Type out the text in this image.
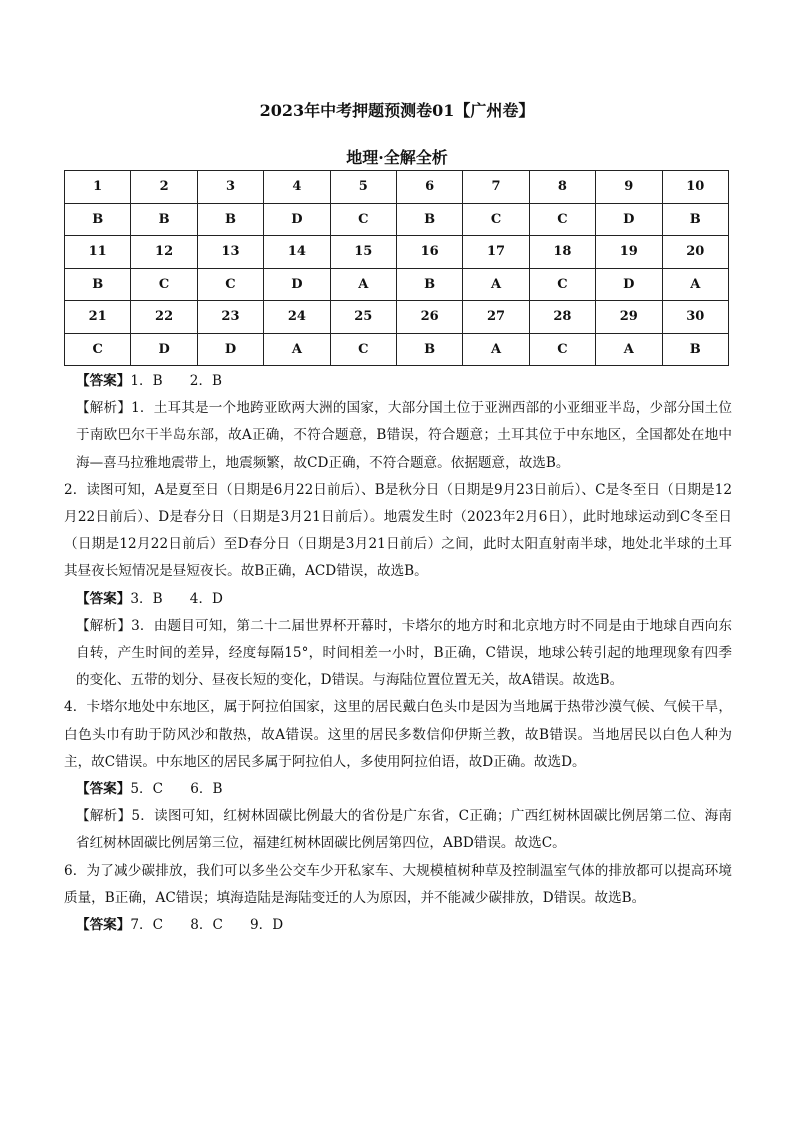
2023年中考押题预测卷01【广州卷】
地理·全解全析
1	2	3	4	5	6	7	8	9	10
B	B	B	D	C	B	C	C	D	B
11	12	13	14	15	16	17	18	19	20
B	C	C	D	A	B	A	C	D	A
21	22	23	24	25	26	27	28	29	30
C	D	D	A	C	B	A	C	A	B

【答案】1．B　　2．B

【解析】1．土耳其是一个地跨亚欧两大洲的国家，大部分国土位于亚洲西部的小亚细亚半岛，少部分国土位于南欧巴尔干半岛东部，故A正确，不符合题意，B错误，符合题意；土耳其位于中东地区，全国都处在地中海—喜马拉雅地震带上，地震频繁，故CD正确，不符合题意。依据题意，故选B。

2．读图可知，A是夏至日（日期是6月22日前后）、B是秋分日（日期是9月23日前后）、C是冬至日（日期是12月22日前后）、D是春分日（日期是3月21日前后）。地震发生时（2023年2月6日），此时地球运动到C冬至日（日期是12月22日前后）至D春分日（日期是3月21日前后）之间，此时太阳直射南半球，地处北半球的土耳其昼夜长短情况是昼短夜长。故B正确，ACD错误，故选B。

【答案】3．B　　4．D

【解析】3．由题目可知，第二十二届世界杯开幕时，卡塔尔的地方时和北京地方时不同是由于地球自西向东自转，产生时间的差异，经度每隔15°，时间相差一小时，B正确，C错误，地球公转引起的地理现象有四季的变化、五带的划分、昼夜长短的变化，D错误。与海陆位置位置无关，故A错误。故选B。

4．卡塔尔地处中东地区，属于阿拉伯国家，这里的居民戴白色头巾是因为当地属于热带沙漠气候、气候干旱，白色头巾有助于防风沙和散热，故A错误。这里的居民多数信仰伊斯兰教，故B错误。当地居民以白色人种为主，故C错误。中东地区的居民多属于阿拉伯人，多使用阿拉伯语，故D正确。故选D。

【答案】5．C　　6．B

【解析】5．读图可知，红树林固碳比例最大的省份是广东省，C正确；广西红树林固碳比例居第二位、海南省红树林固碳比例居第三位，福建红树林固碳比例居第四位，ABD错误。故选C。

6．为了减少碳排放，我们可以多坐公交车少开私家车、大规模植树种草及控制温室气体的排放都可以提高环境质量，B正确，AC错误；填海造陆是海陆变迁的人为原因，并不能减少碳排放，D错误。故选B。

【答案】7．C　　8．C　　9．D
